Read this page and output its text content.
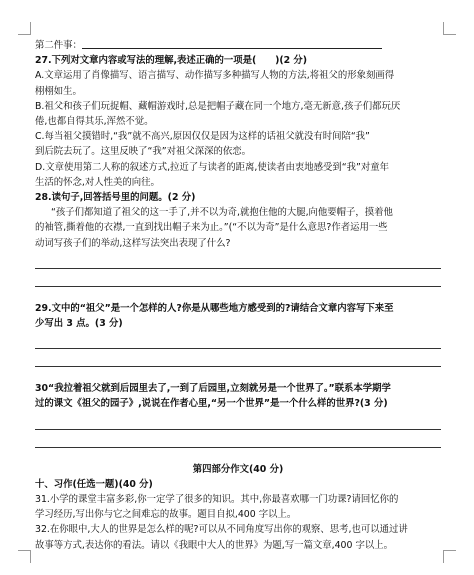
第二件事：
27.下列对文章内容或写法的理解,表述正确的一项是(　　)(2 分)
A.文章运用了肖像描写、语言描写、动作描写多种描写人物的方法,将祖父的形象刻画得
栩栩如生。
B.祖父和孩子们玩捉帽、藏帽游戏时,总是把帽子藏在同一个地方,毫无新意,孩子们都玩厌
倦,也都自得其乐,浑然不觉。
C.每当祖父摸错时,“我”就不高兴,原因仅仅是因为这样的话祖父就没有时间陪“我”
到后院去玩了。这里反映了“我”对祖父深深的依恋。
D.文章使用第二人称的叙述方式,拉近了与读者的距离,使读者由衷地感受到“我”对童年
生活的怀念,对人性美的向往。
28.读句子,回答括号里的问题。(2 分)
“孩子们都知道了祖父的这一手了,并不以为奇,就抱住他的大腿,向他要帽子，摸着他
的袖管,撕着他的衣襟,一直到找出帽子来为止。”(“不以为奇”是什么意思?作者运用一些
动词写孩子们的举动,这样写法突出表现了什么?
29.文中的“祖父”是一个怎样的人?你是从哪些地方感受到的?请结合文章内容写下来至
少写出 3 点。(3 分)
30“我拉着祖父就到后园里去了,一到了后园里,立刻就另是一个世界了。”联系本学期学
过的课文《祖父的园子》,说说在作者心里,“另一个世界”是一个什么样的世界?(3 分)
第四部分作文(40 分)
十、习作(任选一题)(40 分)
31.小学的课堂丰富多彩,你一定学了很多的知识。其中,你最喜欢哪一门功课?请回忆你的
学习经历,写出你与它之间难忘的故事。题目自拟,400 字以上。
32.在你眼中,大人的世界是怎么样的呢?可以从不同角度写出你的观察、思考,也可以通过讲
故事等方式,表达你的看法。请以《我眼中大人的世界》为题,写一篇文章,400 字以上。
